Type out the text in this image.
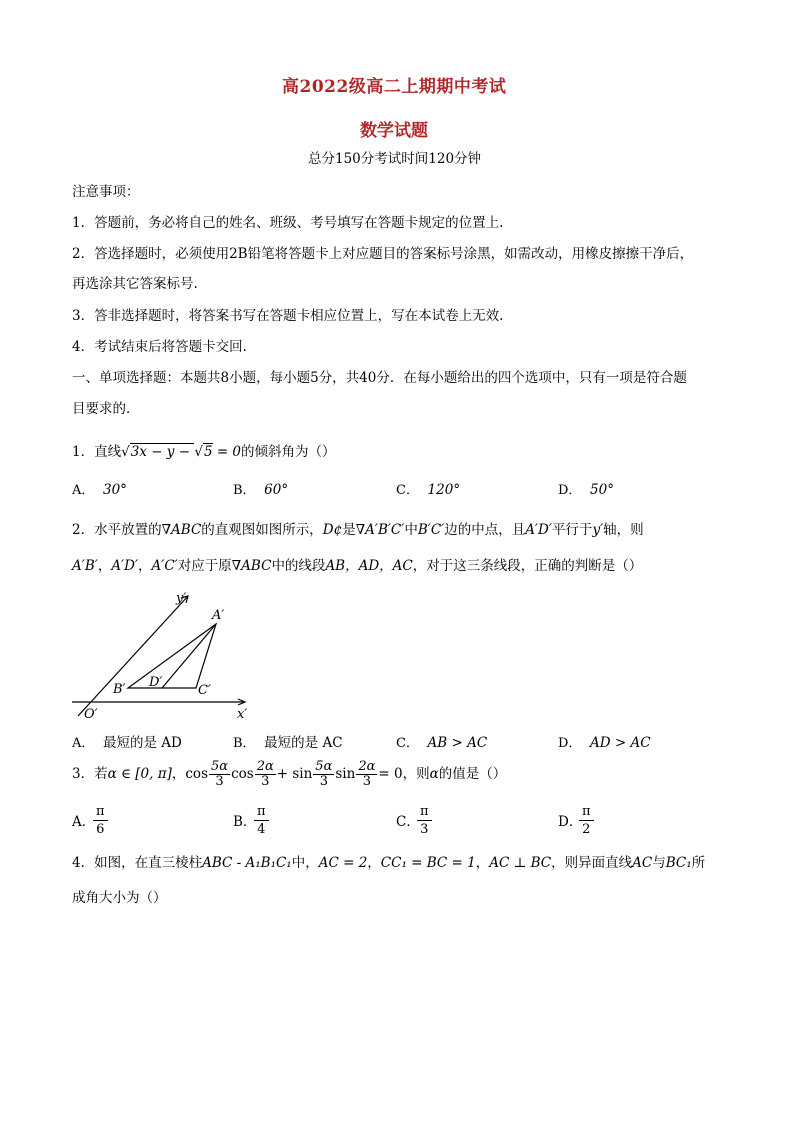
高2022级高二上期期中考试
数学试题
总分150分考试时间120分钟
注意事项：
1．答题前，务必将自己的姓名、班级、考号填写在答题卡规定的位置上.
2．答选择题时，必须使用2B铅笔将答题卡上对应题目的答案标号涂黑，如需改动，用橡皮擦擦干净后，
再选涂其它答案标号.
3．答非选择题时，将答案书写在答题卡相应位置上，写在本试卷上无效.
4．考试结束后将答题卡交回.
一、单项选择题：本题共8小题，每小题5分，共40分．在每小题给出的四个选项中，只有一项是符合题
目要求的．
1．直线√3x − y − √5 = 0的倾斜角为（）
A． 30°	B． 60°	C． 120°	D． 50°
2．水平放置的∇ABC的直观图如图所示，D¢是∇A′B′C′中B′C′边的中点，且A′D′平行于y′轴，则
A′B′，A′D′，A′C′对应于原∇ABC中的线段AB，AD，AC，对于这三条线段，正确的判断是（）
y′
A′
B′ D′
C′
O′	x′
A． 最短的是 AD	B． 最短的是 AC	C． AB > AC	D． AD > AC
3．若α ∈ [0, π]，$\cos \frac{5\alpha}{3}$ $\cos \frac{2\alpha}{3} + \sin \frac{5\alpha}{3}$ $\sin \frac{2\alpha}{3} = 0$，则α的值是（）
A．
$\frac{\pi}{6}$	B．
$\frac{\pi}{4}$	C．
$\frac{\pi}{3}$	D．
$\frac{\pi}{2}$
4．如图，在直三棱柱ABC - A₁B₁C₁中，AC = 2，CC₁ = BC = 1，AC ⊥ BC，则异面直线AC与BC₁所
成角大小为（）
